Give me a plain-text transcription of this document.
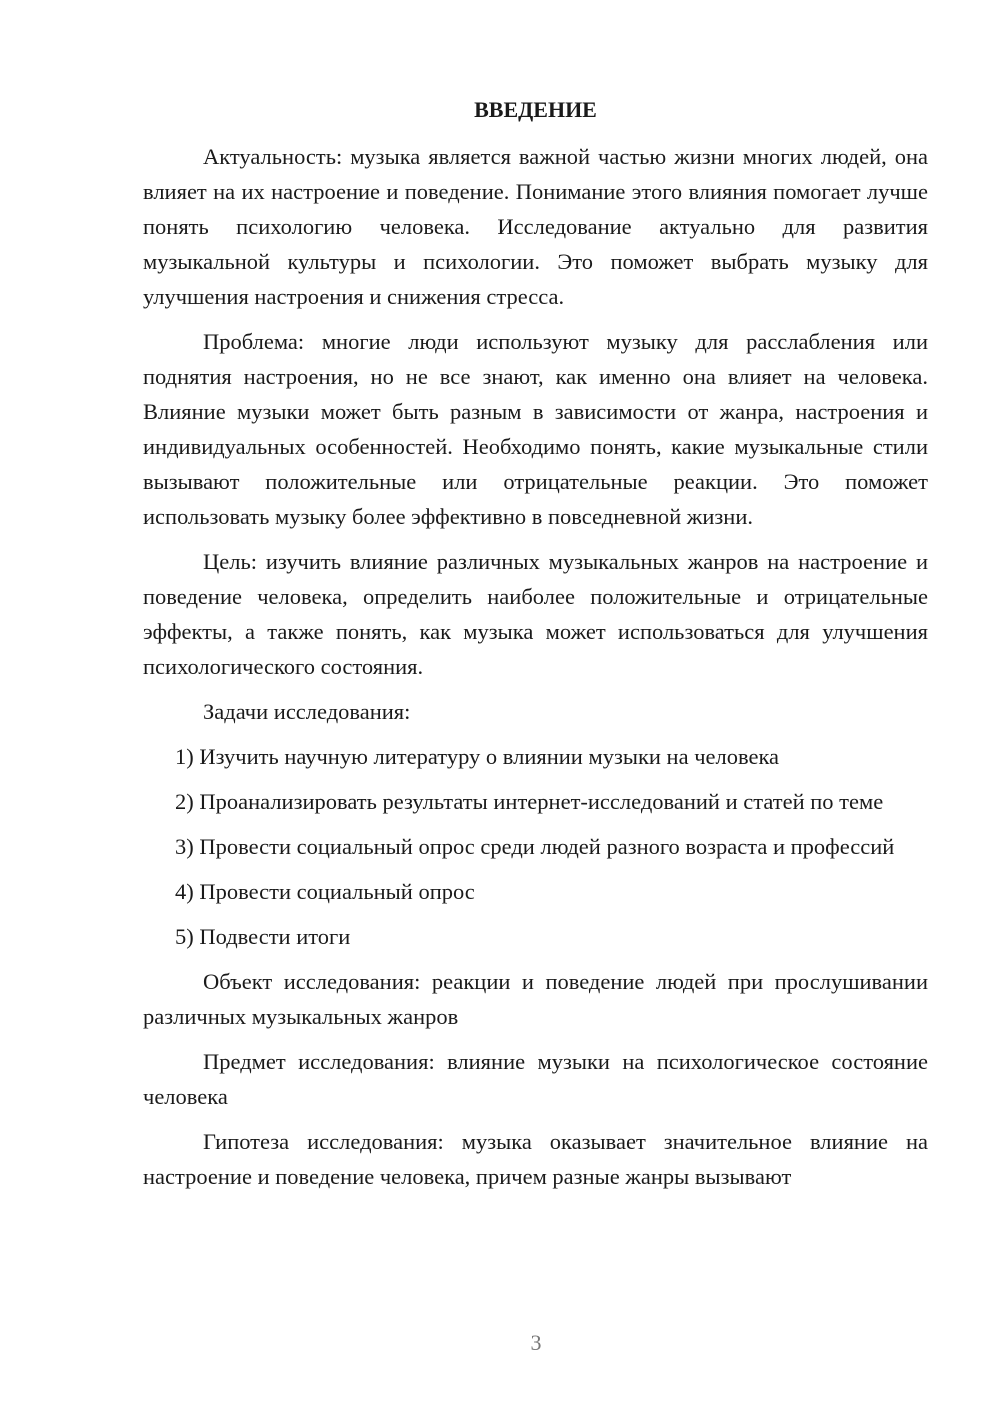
ВВЕДЕНИЕ

Актуальность: музыка является важной частью жизни многих людей, она влияет на их настроение и поведение. Понимание этого влияния помогает лучше понять психологию человека. Исследование актуально для развития музыкальной культуры и психологии. Это поможет выбрать музыку для улучшения настроения и снижения стресса.

Проблема: многие люди используют музыку для расслабления или поднятия настроения, но не все знают, как именно она влияет на человека. Влияние музыки может быть разным в зависимости от жанра, настроения и индивидуальных особенностей. Необходимо понять, какие музыкальные стили вызывают положительные или отрицательные реакции. Это поможет использовать музыку более эффективно в повседневной жизни.

Цель: изучить влияние различных музыкальных жанров на настроение и поведение человека, определить наиболее положительные и отрицательные эффекты, а также понять, как музыка может использоваться для улучшения психологического состояния.

Задачи исследования:

1) Изучить научную литературу о влиянии музыки на человека

2) Проанализировать результаты интернет-исследований и статей по теме

3) Провести социальный опрос среди людей разного возраста и профессий

4) Провести социальный опрос

5) Подвести итоги

Объект исследования: реакции и поведение людей при прослушивании различных музыкальных жанров

Предмет исследования: влияние музыки на психологическое состояние человека

Гипотеза исследования: музыка оказывает значительное влияние на настроение и поведение человека, причем разные жанры вызывают

3
